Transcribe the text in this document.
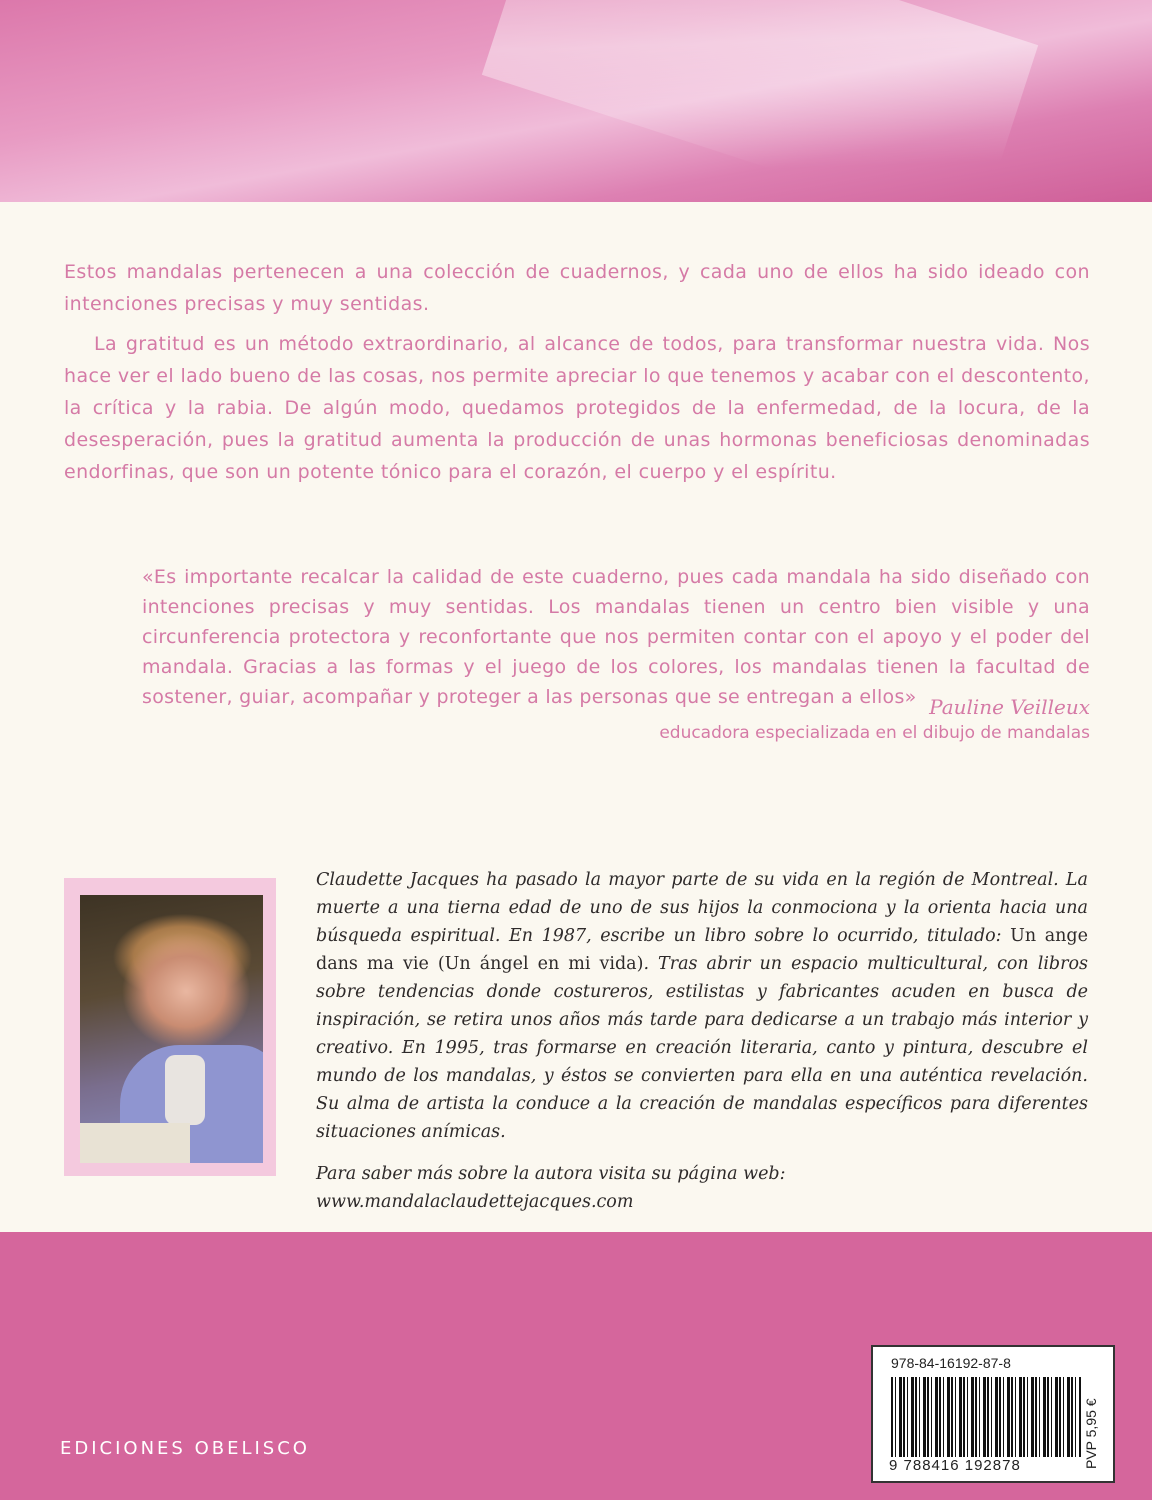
Estos mandalas pertenecen a una colección de cuadernos, y cada uno de ellos ha sido ideado con intenciones precisas y muy sentidas.

La gratitud es un método extraordinario, al alcance de todos, para transformar nuestra vida. Nos hace ver el lado bueno de las cosas, nos permite apreciar lo que tenemos y acabar con el descontento, la crítica y la rabia. De algún modo, quedamos protegidos de la enfermedad, de la locura, de la desesperación, pues la gratitud aumenta la producción de unas hormonas beneficiosas denominadas endorfinas, que son un potente tónico para el corazón, el cuerpo y el espíritu.

«Es importante recalcar la calidad de este cuaderno, pues cada mandala ha sido diseñado con intenciones precisas y muy sentidas. Los mandalas tienen un centro bien visible y una circunferencia protectora y reconfortante que nos permiten contar con el apoyo y el poder del mandala. Gracias a las formas y el juego de los colores, los mandalas tienen la facultad de sostener, guiar, acompañar y proteger a las personas que se entregan a ellos» Pauline Veilleux
educadora especializada en el dibujo de mandalas

Claudette Jacques ha pasado la mayor parte de su vida en la región de Montreal. La muerte a una tierna edad de uno de sus hijos la conmociona y la orienta hacia una búsqueda espiritual. En 1987, escribe un libro sobre lo ocurrido, titulado: Un ange dans ma vie (Un ángel en mi vida). Tras abrir un espacio multicultural, con libros sobre tendencias donde costureros, estilistas y fabricantes acuden en busca de inspiración, se retira unos años más tarde para dedicarse a un trabajo más interior y creativo. En 1995, tras formarse en creación literaria, canto y pintura, descubre el mundo de los mandalas, y éstos se convierten para ella en una auténtica revelación. Su alma de artista la conduce a la creación de mandalas específicos para diferentes situaciones anímicas.

Para saber más sobre la autora visita su página web:
www.mandalaclaudettejacques.com

EDICIONES OBELISCO
978-84-16192-87-8
9 788416 192878	PVP 5,95 €
